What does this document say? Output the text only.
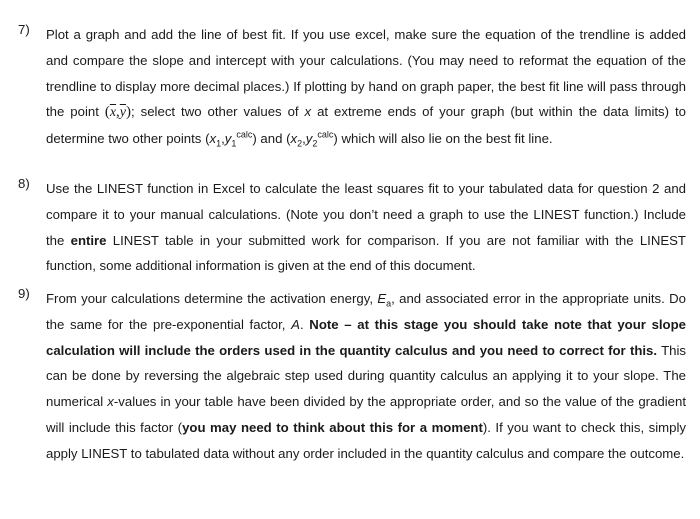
7)	Plot a graph and add the line of best fit. If you use excel, make sure the equation of the trendline is added and compare the slope and intercept with your calculations. (You may need to reformat the equation of the trendline to display more decimal places.) If plotting by hand on graph paper, the best fit line will pass through the point $(\overline{x},\overline{y})$; select two other values of x at extreme ends of your graph (but within the data limits) to determine two other points $(x_1,y_1^{calc})$ and $(x_2,y_2^{calc})$ which will also lie on the best fit line.
8)	Use the LINEST function in Excel to calculate the least squares fit to your tabulated data for question 2 and compare it to your manual calculations. (Note you don’t need a graph to use the LINEST function.) Include the entire LINEST table in your submitted work for comparison. If you are not familiar with the LINEST function, some additional information is given at the end of this document.
9)	From your calculations determine the activation energy, $E_a$, and associated error in the appropriate units. Do the same for the pre-exponential factor, A. Note – at this stage you should take note that your slope calculation will include the orders used in the quantity calculus and you need to correct for this. This can be done by reversing the algebraic step used during quantity calculus an applying it to your slope. The numerical x-values in your table have been divided by the appropriate order, and so the value of the gradient will include this factor (you may need to think about this for a moment). If you want to check this, simply apply LINEST to tabulated data without any order included in the quantity calculus and compare the outcome.
